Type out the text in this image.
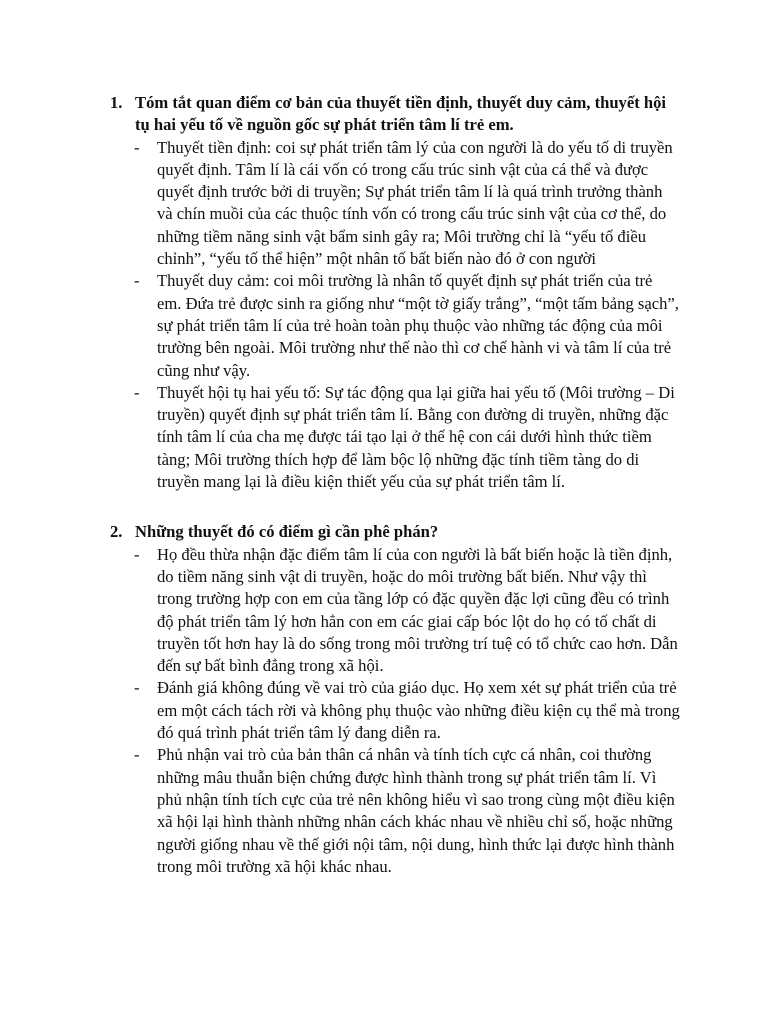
1. Tóm tắt quan điểm cơ bản của thuyết tiền định, thuyết duy cảm, thuyết hội tụ hai yếu tố về nguồn gốc sự phát triển tâm lí trẻ em.
-	Thuyết tiền định: coi sự phát triển tâm lý của con người là do yếu tố di truyền quyết định. Tâm lí là cái vốn có trong cấu trúc sinh vật của cá thể và được quyết định trước bởi di truyền; Sự phát triển tâm lí là quá trình trưởng thành và chín muồi của các thuộc tính vốn có trong cấu trúc sinh vật của cơ thể, do những tiềm năng sinh vật bẩm sinh gây ra; Môi trường chỉ là “yếu tố điều chỉnh”, “yếu tố thể hiện” một nhân tố bất biến nào đó ở con người
-	Thuyết duy cảm: coi môi trường là nhân tố quyết định sự phát triển của trẻ em. Đứa trẻ được sinh ra giống như “một tờ giấy trắng”, “một tấm bảng sạch”, sự phát triển tâm lí của trẻ hoàn toàn phụ thuộc vào những tác động của môi trường bên ngoài. Môi trường như thế nào thì cơ chế hành vi và tâm lí của trẻ cũng như vậy.
-	Thuyết hội tụ hai yếu tố: Sự tác động qua lại giữa hai yếu tố (Môi trường – Di truyền) quyết định sự phát triển tâm lí. Bằng con đường di truyền, những đặc tính tâm lí của cha mẹ được tái tạo lại ở thế hệ con cái dưới hình thức tiềm tàng; Môi trường thích hợp để làm bộc lộ những đặc tính tiềm tàng do di truyền mang lại là điều kiện thiết yếu của sự phát triển tâm lí.
2. Những thuyết đó có điểm gì cần phê phán?
-	Họ đều thừa nhận đặc điểm tâm lí của con người là bất biến hoặc là tiền định, do tiềm năng sinh vật di truyền, hoặc do môi trường bất biến. Như vậy thì trong trường hợp con em của tầng lớp có đặc quyền đặc lợi cũng đều có trình độ phát triển tâm lý hơn hẳn con em các giai cấp bóc lột do họ có tố chất di truyền tốt hơn hay là do sống trong môi trường trí tuệ có tổ chức cao hơn. Dẫn đến sự bất bình đẳng trong xã hội.
-	Đánh giá không đúng về vai trò của giáo dục. Họ xem xét sự phát triển của trẻ em một cách tách rời và không phụ thuộc vào những điều kiện cụ thể mà trong đó quá trình phát triển tâm lý đang diễn ra.
-	Phủ nhận vai trò của bản thân cá nhân và tính tích cực cá nhân, coi thường những mâu thuẫn biện chứng được hình thành trong sự phát triển tâm lí. Vì phủ nhận tính tích cực của trẻ nên không hiểu vì sao trong cùng một điều kiện xã hội lại hình thành những nhân cách khác nhau về nhiều chỉ số, hoặc những người giống nhau về thế giới nội tâm, nội dung, hình thức lại được hình thành trong môi trường xã hội khác nhau.
